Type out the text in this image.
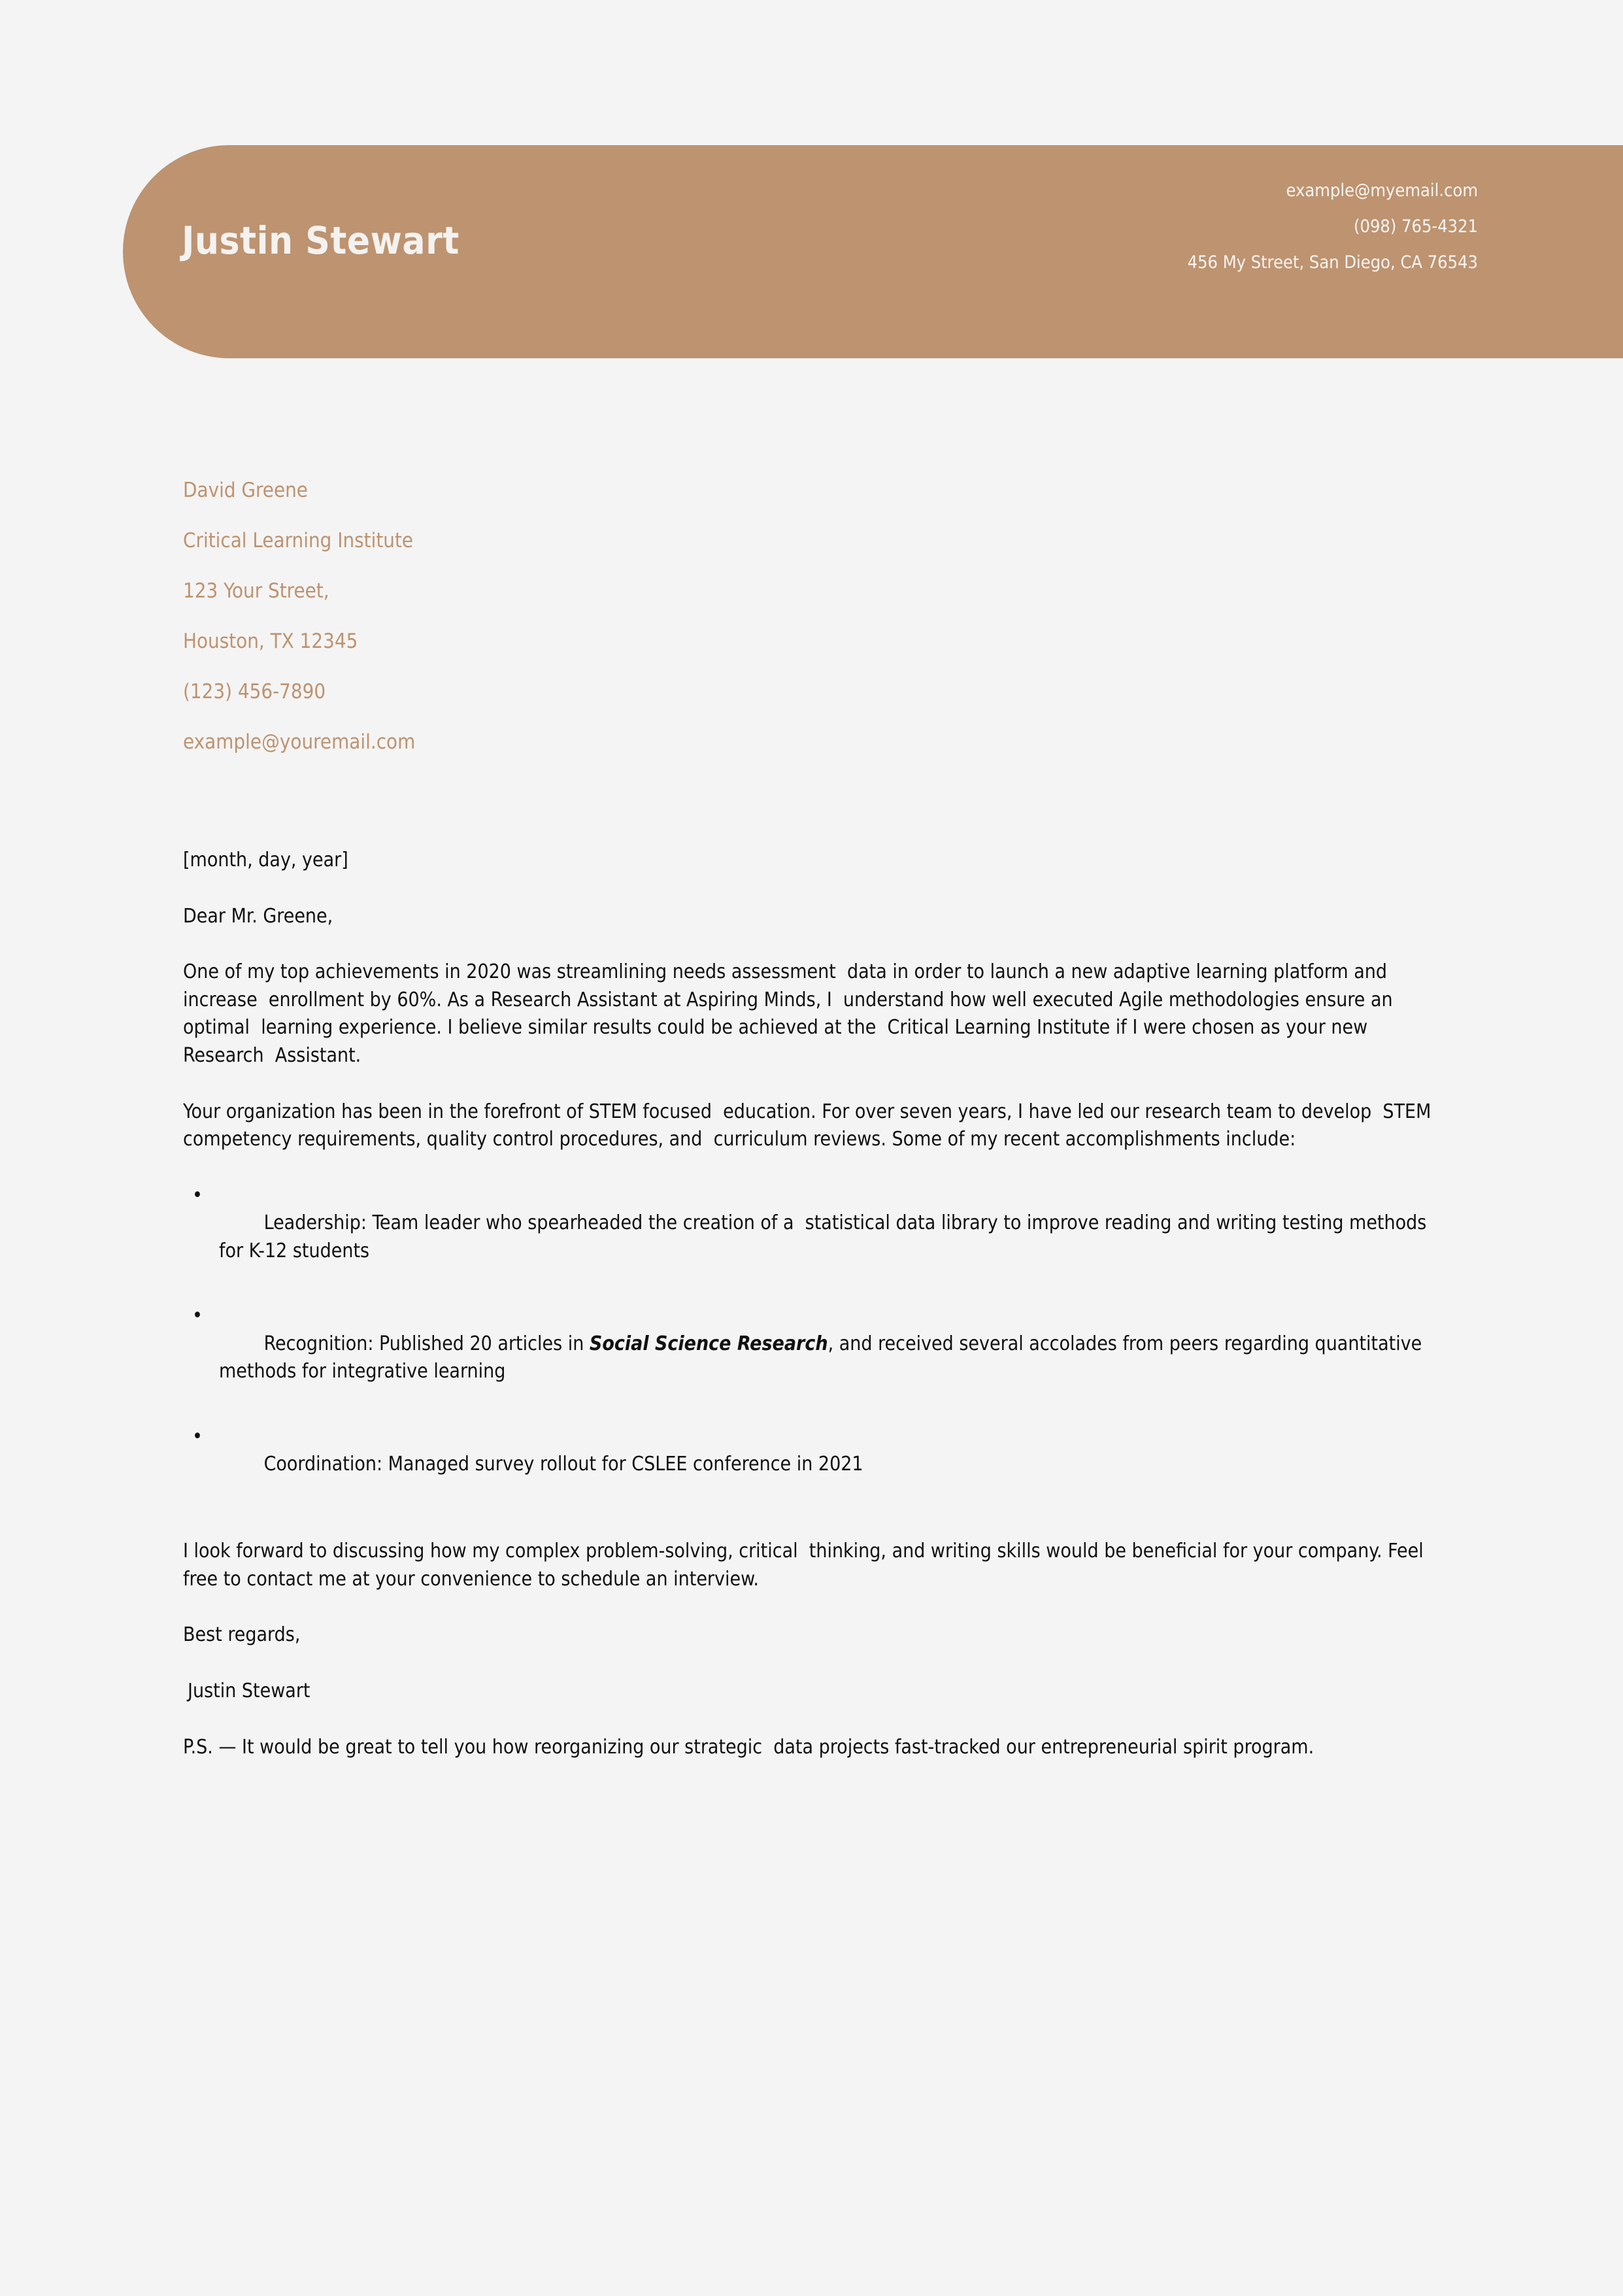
Justin Stewart
example@myemail.com
(098) 765-4321
456 My Street, San Diego, CA 76543
David Greene
Critical Learning Institute
123 Your Street,
Houston, TX 12345
(123) 456-7890
example@youremail.com

[month, day, year]

Dear Mr. Greene,

One of my top achievements in 2020 was streamlining needs assessment  data in order to launch a new adaptive learning platform and increase  enrollment by 60%. As a Research Assistant at Aspiring Minds, I  understand how well executed Agile methodologies ensure an optimal  learning experience. I believe similar results could be achieved at the  Critical Learning Institute if I were chosen as your new Research  Assistant.

Your organization has been in the forefront of STEM focused  education. For over seven years, I have led our research team to develop  STEM competency requirements, quality control procedures, and  curriculum reviews. Some of my recent accomplishments include:

•
Leadership: Team leader who spearheaded the creation of a  statistical data library to improve reading and writing testing methods  for K-12 students

•
Recognition: Published 20 articles in Social Science Research, and received several accolades from peers regarding quantitative methods for integrative learning

•
Coordination: Managed survey rollout for CSLEE conference in 2021

I look forward to discussing how my complex problem-solving, critical  thinking, and writing skills would be beneficial for your company. Feel  free to contact me at your convenience to schedule an interview.

Best regards,

Justin Stewart

P.S. — It would be great to tell you how reorganizing our strategic  data projects fast-tracked our entrepreneurial spirit program.
